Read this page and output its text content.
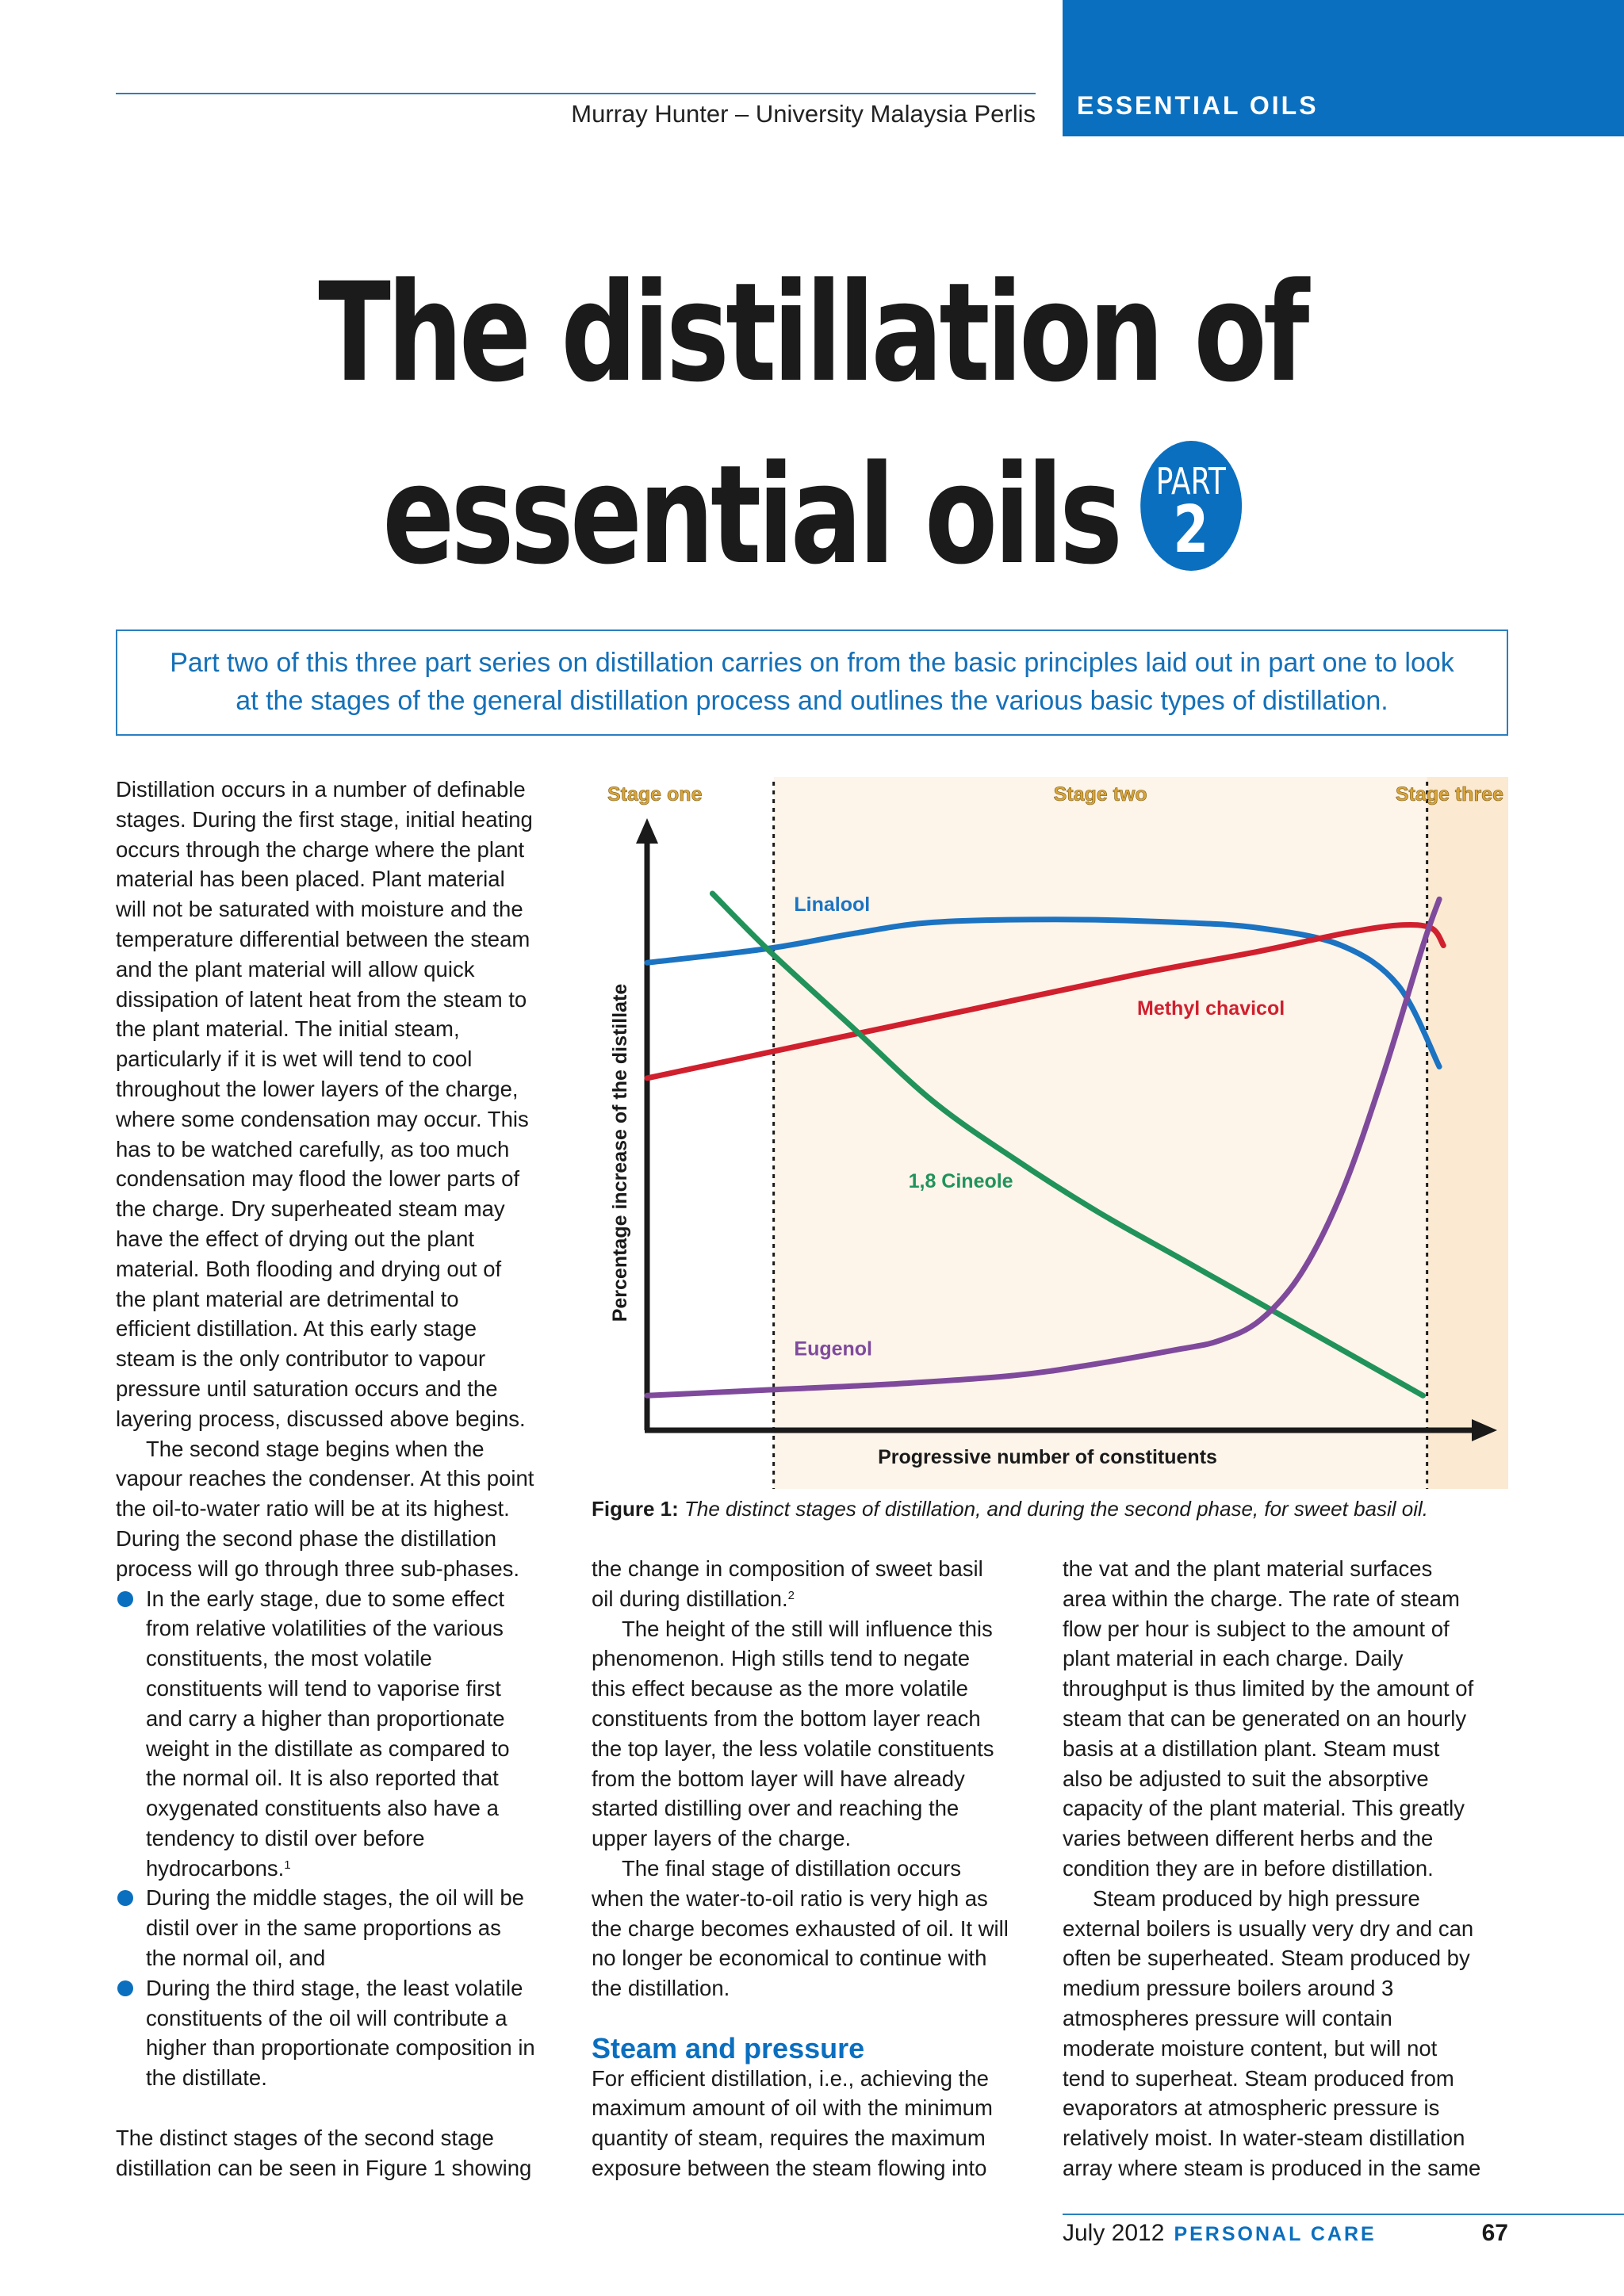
Murray Hunter – University Malaysia Perlis ESSENTIAL OILS
The distillation of
essential oils	PART
2
Part two of this three part series on distillation carries on from the basic principles laid out in part one to look
at the stages of the general distillation process and outlines the various basic types of distillation.
Distillation occurs in a number of definable
stages. During the first stage, initial heating
occurs through the charge where the plant
material has been placed. Plant material
will not be saturated with moisture and the
temperature differential between the steam
and the plant material will allow quick
dissipation of latent heat from the steam to
the plant material. The initial steam,
particularly if it is wet will tend to cool
throughout the lower layers of the charge,
where some condensation may occur. This
has to be watched carefully, as too much
condensation may flood the lower parts of
the charge. Dry superheated steam may
have the effect of drying out the plant
material. Both flooding and drying out of
the plant material are detrimental to
efficient distillation. At this early stage
steam is the only contributor to vapour
pressure until saturation occurs and the
layering process, discussed above begins.
The second stage begins when the
vapour reaches the condenser. At this point
the oil-to-water ratio will be at its highest.
During the second phase the distillation
process will go through three sub-phases.
In the early stage, due to some effect
from relative volatilities of the various
constituents, the most volatile
constituents will tend to vaporise first
and carry a higher than proportionate
weight in the distillate as compared to
the normal oil. It is also reported that
oxygenated constituents also have a
tendency to distil over before
hydrocarbons.$^1$
During the middle stages, the oil will be
distil over in the same proportions as
the normal oil, and
During the third stage, the least volatile
constituents of the oil will contribute a
higher than proportionate composition in
the distillate.
The distinct stages of the second stage
distillation can be seen in Figure 1 showing
the change in composition of sweet basil
oil during distillation.$^2$
The height of the still will influence this
phenomenon. High stills tend to negate
this effect because as the more volatile
constituents from the bottom layer reach
the top layer, the less volatile constituents
from the bottom layer will have already
started distilling over and reaching the
upper layers of the charge.
The final stage of distillation occurs
when the water-to-oil ratio is very high as
the charge becomes exhausted of oil. It will
no longer be economical to continue with
the distillation.
Steam and pressure
For efficient distillation, i.e., achieving the
maximum amount of oil with the minimum
quantity of steam, requires the maximum
exposure between the steam flowing into
the vat and the plant material surfaces
area within the charge. The rate of steam
flow per hour is subject to the amount of
plant material in each charge. Daily
throughput is thus limited by the amount of
steam that can be generated on an hourly
basis at a distillation plant. Steam must
also be adjusted to suit the absorptive
capacity of the plant material. This greatly
varies between different herbs and the
condition they are in before distillation.
Steam produced by high pressure
external boilers is usually very dry and can
often be superheated. Steam produced by
medium pressure boilers around 3
atmospheres pressure will contain
moderate moisture content, but will not
tend to superheat. Steam produced from
evaporators at atmospheric pressure is
relatively moist. In water-steam distillation
array where steam is produced in the same
Stage one	Stage two	Stage three
Progressive number of constituents
Percentage increase of the distillate
Linalool
Methyl chavicol
1,8 Cineole
Eugenol
Figure 1: The distinct stages of distillation, and during the second phase, for sweet basil oil.
July 2012 PERSONAL CARE	67
